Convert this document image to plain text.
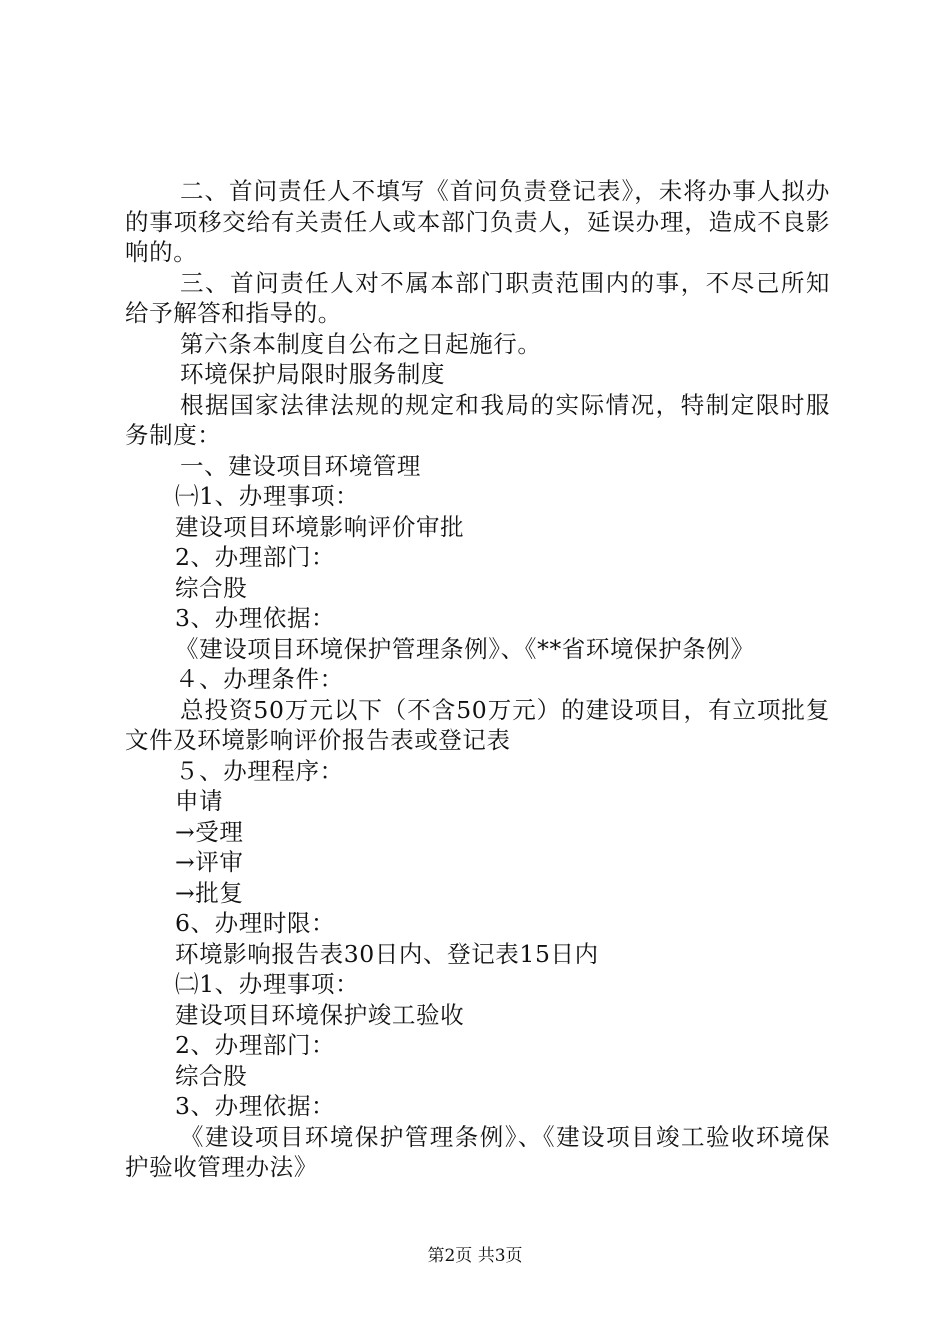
二、首问责任人不填写《首问负责登记表》，未将办事人拟办的事项移交给有关责任人或本部门负责人，延误办理，造成不良影响的。

三、首问责任人对不属本部门职责范围内的事，不尽己所知给予解答和指导的。

第六条本制度自公布之日起施行。

环境保护局限时服务制度

根据国家法律法规的规定和我局的实际情况，特制定限时服务制度：

一、建设项目环境管理

㈠1、办理事项：

建设项目环境影响评价审批

2、办理部门：

综合股

3、办理依据：

《建设项目环境保护管理条例》、《**省环境保护条例》

４、办理条件：

总投资50万元以下（不含50万元）的建设项目，有立项批复文件及环境影响评价报告表或登记表

５、办理程序：

申请

→受理

→评审

→批复

6、办理时限：

环境影响报告表30日内、登记表15日内

㈡1、办理事项：

建设项目环境保护竣工验收

2、办理部门：

综合股

3、办理依据：

《建设项目环境保护管理条例》、《建设项目竣工验收环境保护验收管理办法》

第2页 共3页
